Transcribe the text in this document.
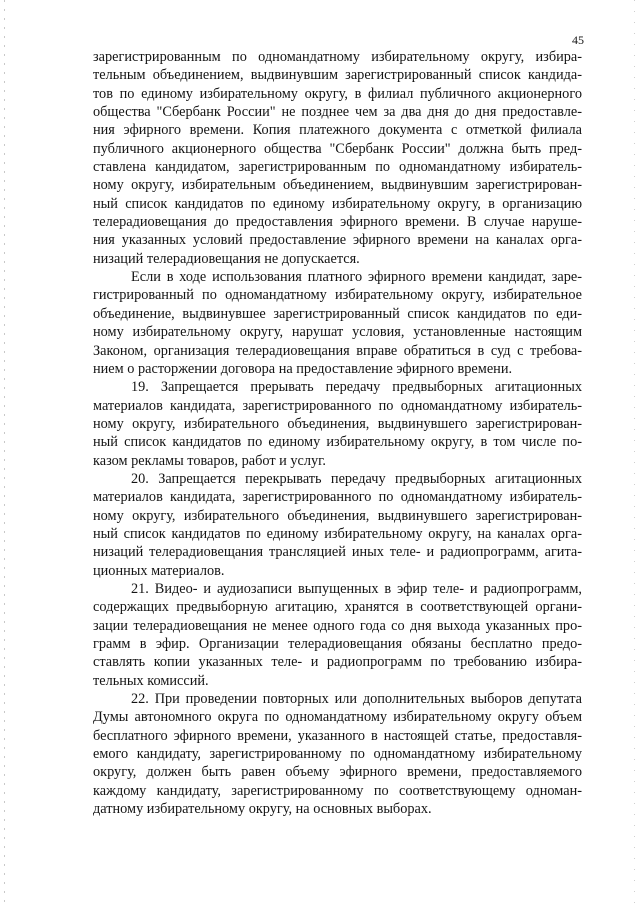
45

зарегистрированным по одномандатному избирательному округу, избира-

тельным объединением, выдвинувшим зарегистрированный список кандида-

тов по единому избирательному округу, в филиал публичного акционерного

общества "Сбербанк России" не позднее чем за два дня до дня предоставле-

ния эфирного времени. Копия платежного документа с отметкой филиала

публичного акционерного общества "Сбербанк России" должна быть пред-

ставлена кандидатом, зарегистрированным по одномандатному избиратель-

ному округу, избирательным объединением, выдвинувшим зарегистрирован-

ный список кандидатов по единому избирательному округу, в организацию

телерадиовещания до предоставления эфирного времени. В случае наруше-

ния указанных условий предоставление эфирного времени на каналах орга-

низаций телерадиовещания не допускается.

Если в ходе использования платного эфирного времени кандидат, заре-

гистрированный по одномандатному избирательному округу, избирательное

объединение, выдвинувшее зарегистрированный список кандидатов по еди-

ному избирательному округу, нарушат условия, установленные настоящим

Законом, организация телерадиовещания вправе обратиться в суд с требова-

нием о расторжении договора на предоставление эфирного времени.

19. Запрещается прерывать передачу предвыборных агитационных

материалов кандидата, зарегистрированного по одномандатному избиратель-

ному округу, избирательного объединения, выдвинувшего зарегистрирован-

ный список кандидатов по единому избирательному округу, в том числе по-

казом рекламы товаров, работ и услуг.

20. Запрещается перекрывать передачу предвыборных агитационных

материалов кандидата, зарегистрированного по одномандатному избиратель-

ному округу, избирательного объединения, выдвинувшего зарегистрирован-

ный список кандидатов по единому избирательному округу, на каналах орга-

низаций телерадиовещания трансляцией иных теле- и радиопрограмм, агита-

ционных материалов.

21. Видео- и аудиозаписи выпущенных в эфир теле- и радиопрограмм,

содержащих предвыборную агитацию, хранятся в соответствующей органи-

зации телерадиовещания не менее одного года со дня выхода указанных про-

грамм в эфир. Организации телерадиовещания обязаны бесплатно предо-

ставлять копии указанных теле- и радиопрограмм по требованию избира-

тельных комиссий.

22. При проведении повторных или дополнительных выборов депутата

Думы автономного округа по одномандатному избирательному округу объем

бесплатного эфирного времени, указанного в настоящей статье, предоставля-

емого кандидату, зарегистрированному по одномандатному избирательному

округу, должен быть равен объему эфирного времени, предоставляемого

каждому кандидату, зарегистрированному по соответствующему одноман-

датному избирательному округу, на основных выборах.
